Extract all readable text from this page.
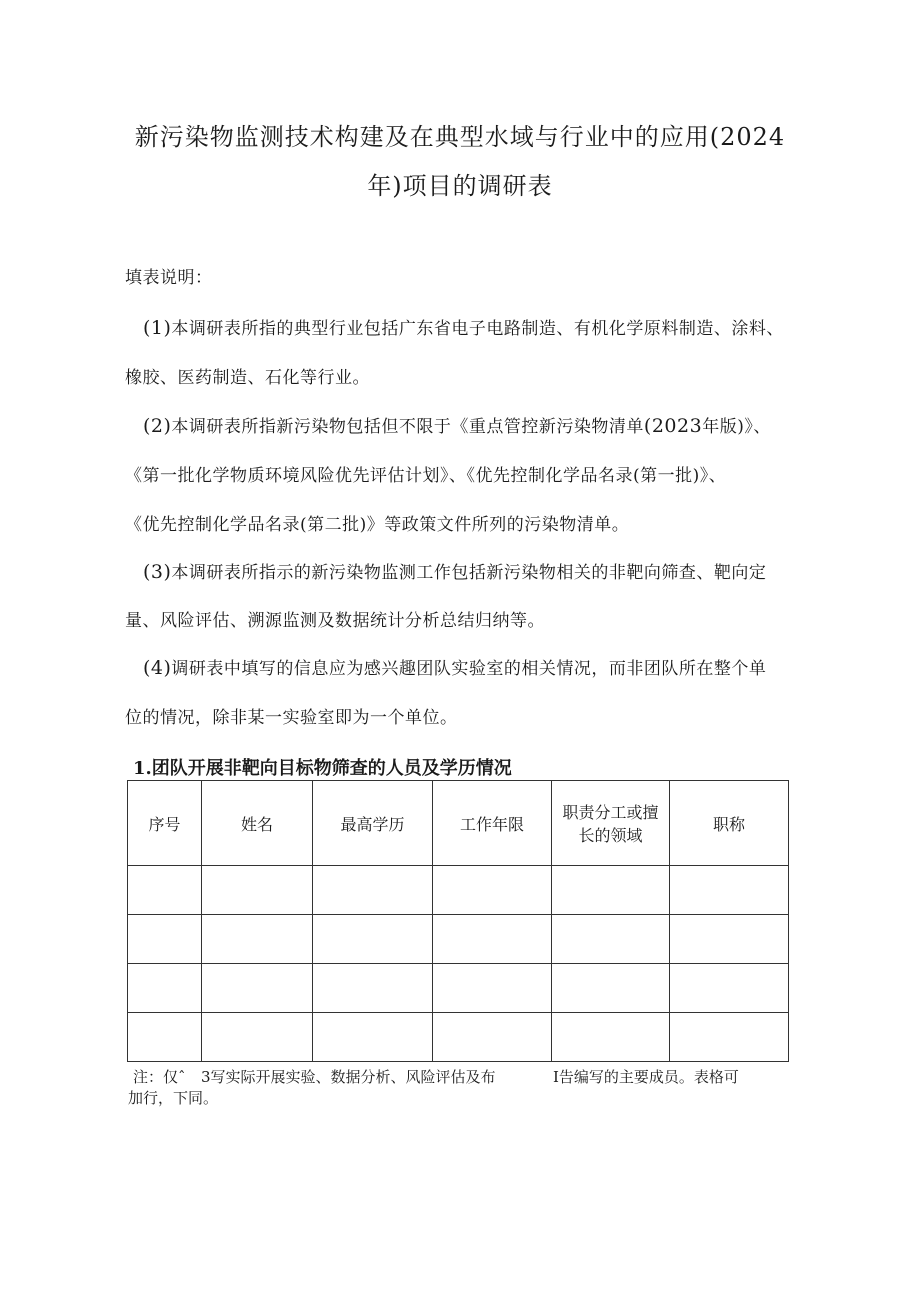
新污染物监测技术构建及在典型水域与行业中的应用(2024
年)项目的调研表
填表说明：
(1)本调研表所指的典型行业包括广东省电子电路制造、有机化学原料制造、涂料、
橡胶、医药制造、石化等行业。
(2)本调研表所指新污染物包括但不限于《重点管控新污染物清单(2023年版)》、
《第一批化学物质环境风险优先评估计划》、《优先控制化学品名录(第一批)》、
《优先控制化学品名录(第二批)》等政策文件所列的污染物清单。
(3)本调研表所指示的新污染物监测工作包括新污染物相关的非靶向筛查、靶向定
量、风险评估、溯源监测及数据统计分析总结归纳等。
(4)调研表中填写的信息应为感兴趣团队实验室的相关情况，而非团队所在整个单
位的情况，除非某一实验室即为一个单位。
1.团队开展非靶向目标物筛查的人员及学历情况
序号	姓名	最高学历	工作年限	职责分工或擅
长的领域	职称

注：仅ˆ 3写实际开展实验、数据分析、风险评估及布	I告编写的主要成员。表格可
加行，下同。
